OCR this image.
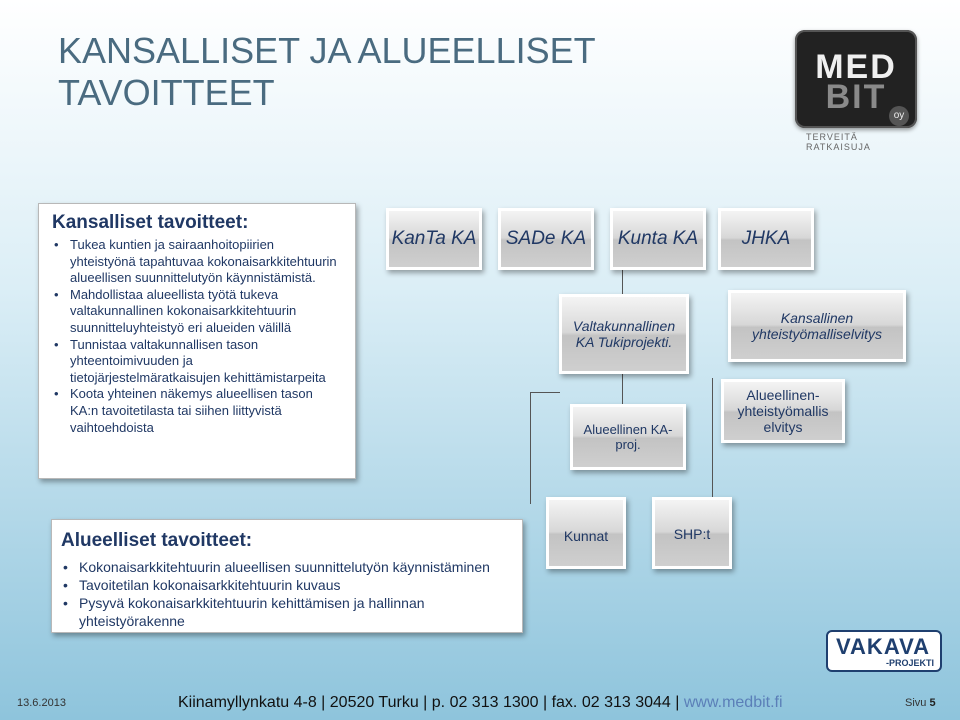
KANSALLISET JA ALUEELLISET TAVOITTEET
MED
BIT oy
TERVEITÄ RATKAISUJA
Kansalliset tavoitteet:
• Tukea kuntien ja sairaanhoitopiirien yhteistyönä tapahtuvaa kokonaisarkkitehtuurin alueellisen suunnittelutyön käynnistämistä.
• Mahdollistaa alueellista työtä tukeva valtakunnallinen kokonaisarkkitehtuurin suunnitteluyhteistyö eri alueiden välillä
• Tunnistaa valtakunnallisen tason yhteentoimivuuden ja tietojärjestelmäratkaisujen kehittämistarpeita
• Koota yhteinen näkemys alueellisen tason KA:n tavoitetilasta tai siihen liittyvistä vaihtoehdoista
KanTa KA SADe KA Kunta KA JHKA
Valtakunnallinen KA Tukiprojekti.
Kansallinen yhteistyömalliselvitys
Alueellinen KA-proj.
Alueellinen-yhteistyömallis elvitys
Kunnat	SHP:t
Alueelliset tavoitteet:
• Kokonaisarkkitehtuurin alueellisen suunnittelutyön käynnistäminen
• Tavoitetilan kokonaisarkkitehtuurin kuvaus
• Pysyvä kokonaisarkkitehtuurin kehittämisen ja hallinnan yhteistyörakenne
VAKAVA
-PROJEKTI
13.6.2013	Kiinamyllynkatu 4-8 | 20520 Turku | p. 02 313 1300 | fax. 02 313 3044 | www.medbit.fi	Sivu 5
